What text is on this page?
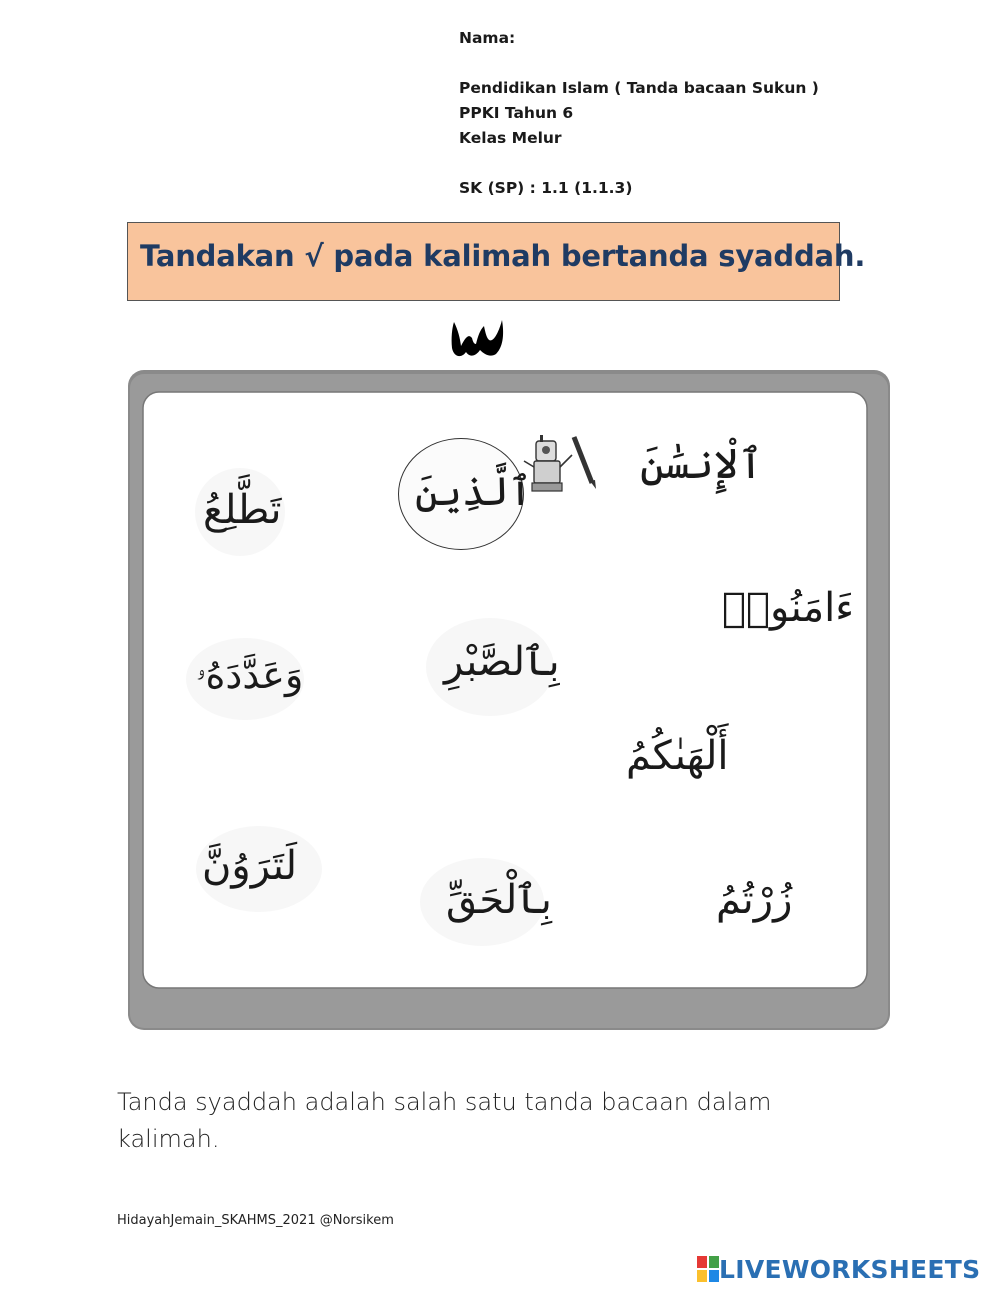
Nama:
Pendidikan Islam ( Tanda bacaan Sukun )
PPKI Tahun 6
Kelas Melur
SK (SP) : 1.1 (1.1.3)
Tandakan √ pada kalimah bertanda syaddah.
ٱلْإِنسَٰنَ
ٱلَّذِينَ
تَطَّلِعُ
ءَامَنُوا۟
بِٱلصَّبْرِ
وَعَدَّدَهُۥ
أَلْهَىٰكُمُ
لَتَرَوُنَّ
بِٱلْحَقِّ	زُرْتُمُ
Tanda syaddah adalah salah satu tanda bacaan dalam kalimah.
HidayahJemain_SKAHMS_2021 @Norsikem
LIVEWORKSHEETS
